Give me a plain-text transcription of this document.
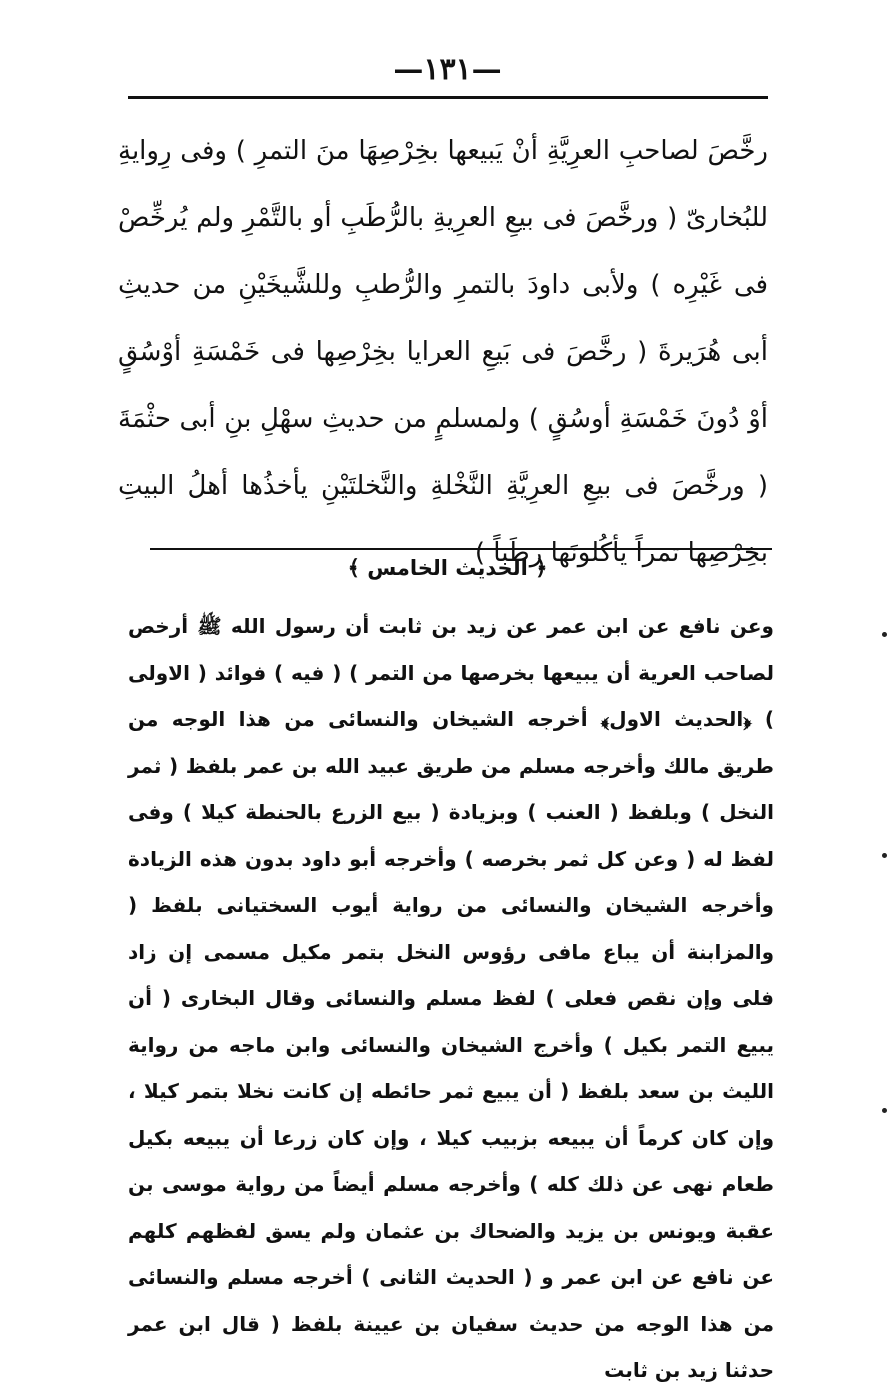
—١٣١—

رخَّصَ لصاحبِ العرِيَّةِ أنْ يَبيعها بخِرْصِهَا منَ التمرِ ) وفى رِوايةِ للبُخارىّ ( ورخَّصَ فى بيعِ العرِيةِ بالرُّطَبِ أو بالتَّمْرِ ولم يُرخِّصْ فى غَيْرِه ) ولأبى داودَ بالتمرِ والرُّطبِ وللشَّيخَيْنِ من حديثِ أبى هُرَيرةَ ( رخَّصَ فى بَيعِ العرايا بخِرْصِها فى خَمْسَةِ أوْسُقٍ أوْ دُونَ خَمْسَةِ أوسُقٍ ) ولمسلمٍ من حديثِ سهْلِ بنِ أبى حثْمَةَ ( ورخَّصَ فى بيعِ العرِيَّةِ النَّخْلةِ والنَّخلتَيْنِ يأخذُها أهلُ البيتِ بخِرْصِها تمراً يأكُلونَها رطَباً )

﴿ الحديث الخامس ﴾

وعن نافع عن ابن عمر عن زيد بن ثابت أن رسول الله ﷺ أرخص لصاحب العرية أن يبيعها بخرصها من التمر ) ( فيه ) فوائد ( الاولى ) ﴿الحديث الاول﴾ أخرجه الشيخان والنسائى من هذا الوجه من طريق مالك وأخرجه مسلم من طريق عبيد الله بن عمر بلفظ ( ثمر النخل ) وبلفظ ( العنب ) وبزيادة ( بيع الزرع بالحنطة كيلا ) وفى لفظ له ( وعن كل ثمر بخرصه ) وأخرجه أبو داود بدون هذه الزيادة وأخرجه الشيخان والنسائى من رواية أيوب السختيانى بلفظ ( والمزابنة أن يباع مافى رؤوس النخل بتمر مكيل مسمى إن زاد فلى وإن نقص فعلى ) لفظ مسلم والنسائى وقال البخارى ( أن يبيع التمر بكيل ) وأخرج الشيخان والنسائى وابن ماجه من رواية الليث بن سعد بلفظ ( أن يبيع ثمر حائطه إن كانت نخلا بتمر كيلا ، وإن كان كرماً أن يبيعه بزبيب كيلا ، وإن كان زرعا أن يبيعه بكيل طعام نهى عن ذلك كله ) وأخرجه مسلم أيضاً من رواية موسى بن عقبة ويونس بن يزيد والضحاك بن عثمان ولم يسق لفظهم كلهم عن نافع عن ابن عمر و ( الحديث الثانى ) أخرجه مسلم والنسائى من هذا الوجه من حديث سفيان بن عيينة بلفظ ( قال ابن عمر حدثنا زيد بن ثابت
